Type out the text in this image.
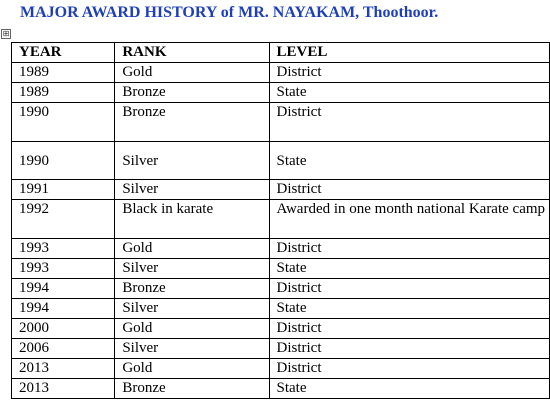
MAJOR AWARD HISTORY of MR. NAYAKAM, Thoothoor.
⊞
YEAR	RANK	LEVEL
1989	Gold	District
1989	Bronze	State
1990	Bronze	District
1990	Silver	State
1991	Silver	District
1992	Black in karate	Awarded in one month national Karate camp
1993	Gold	District
1993	Silver	State
1994	Bronze	District
1994	Silver	State
2000	Gold	District
2006	Silver	District
2013	Gold	District
2013	Bronze	State
